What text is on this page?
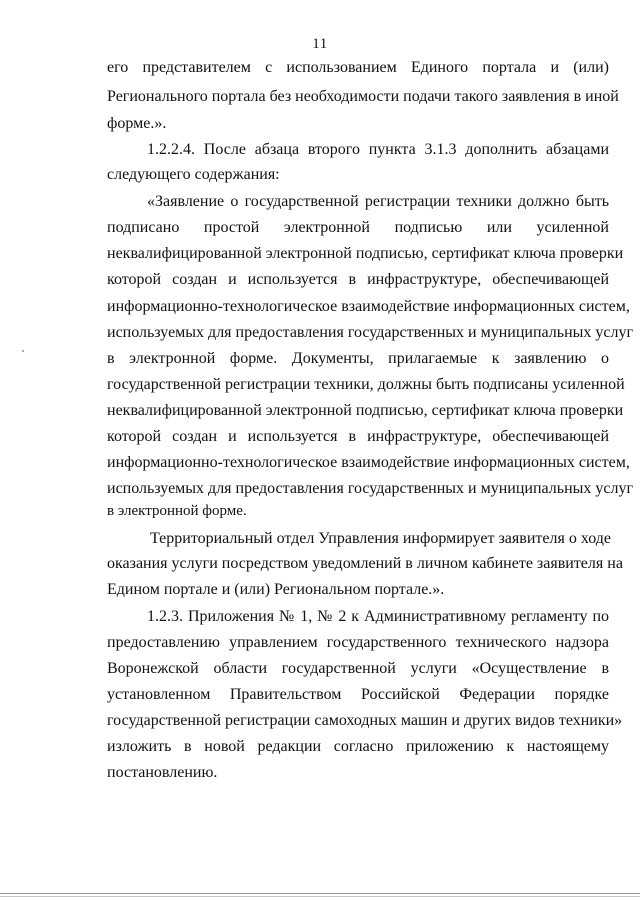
11
его представителем с использованием Единого портала и (или)
Регионального портала без необходимости подачи такого заявления в иной
форме.».
1.2.2.4. После абзаца второго пункта 3.1.3 дополнить абзацами
следующего содержания:
«Заявление о государственной регистрации техники должно быть
подписано простой электронной подписью или усиленной
неквалифицированной электронной подписью, сертификат ключа проверки
которой создан и используется в инфраструктуре, обеспечивающей
информационно-технологическое взаимодействие информационных систем,
используемых для предоставления государственных и муниципальных услуг
в электронной форме. Документы, прилагаемые к заявлению о
государственной регистрации техники, должны быть подписаны усиленной
неквалифицированной электронной подписью, сертификат ключа проверки
которой создан и используется в инфраструктуре, обеспечивающей
информационно-технологическое взаимодействие информационных систем,
используемых для предоставления государственных и муниципальных услуг
в электронной форме.
Территориальный отдел Управления информирует заявителя о ходе
оказания услуги посредством уведомлений в личном кабинете заявителя на
Едином портале и (или) Региональном портале.».
1.2.3. Приложения № 1, № 2 к Административному регламенту по
предоставлению управлением государственного технического надзора
Воронежской области государственной услуги «Осуществление в
установленном Правительством Российской Федерации порядке
государственной регистрации самоходных машин и других видов техники»
изложить в новой редакции согласно приложению к настоящему
постановлению.
